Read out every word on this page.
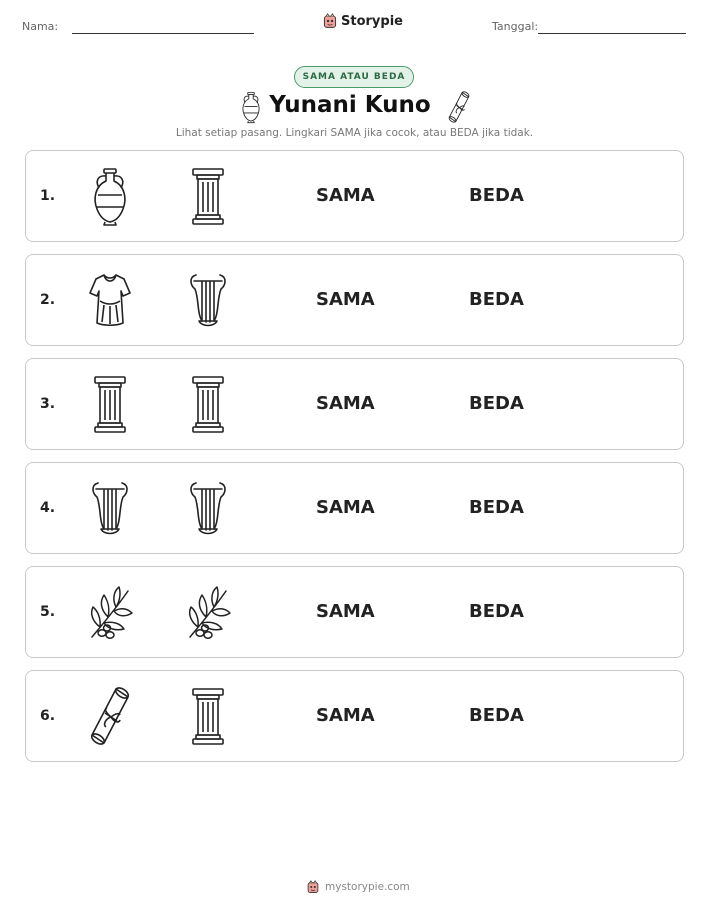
Nama:	Storypie	Tanggal:
SAMA ATAU BEDA
Yunani Kuno
Lihat setiap pasang. Lingkari SAMA jika cocok, atau BEDA jika tidak.
1.	SAMA	BEDA
2.	SAMA	BEDA
3.	SAMA	BEDA
4.	SAMA	BEDA
5.	SAMA	BEDA
6.	SAMA	BEDA
mystorypie.com
